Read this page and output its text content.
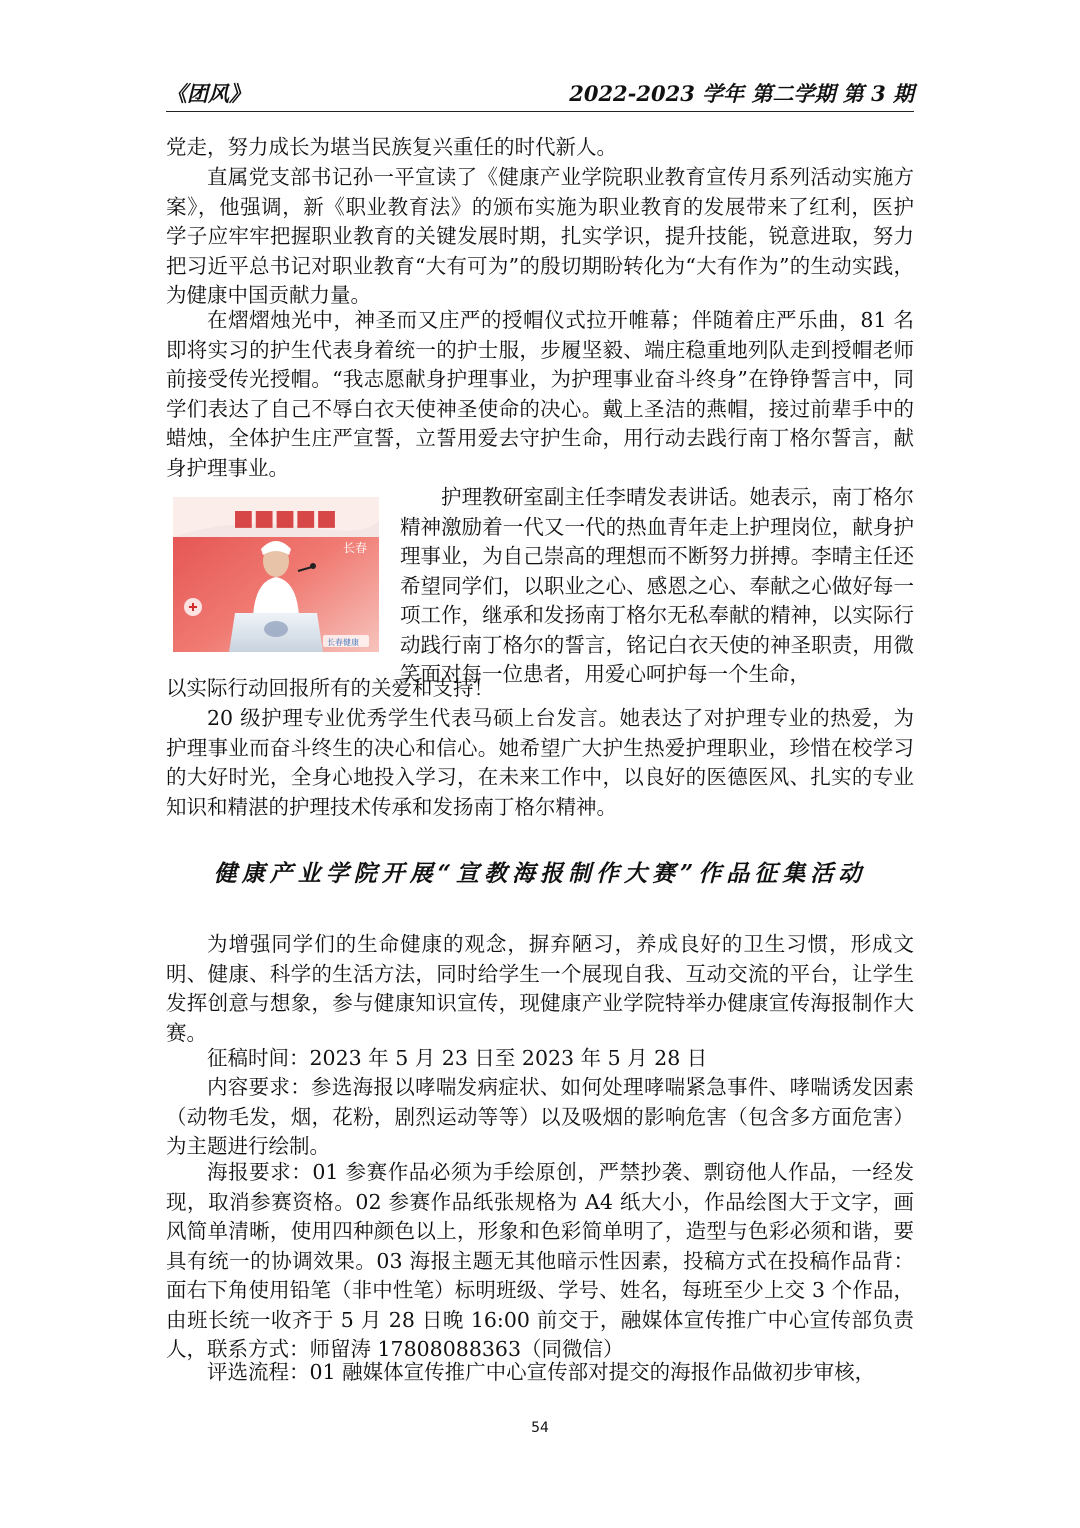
《团风》	2022-2023 学年 第二学期 第 3 期

党走，努力成长为堪当民族复兴重任的时代新人。

直属党支部书记孙一平宣读了《健康产业学院职业教育宣传月系列活动实施方案》，他强调，新《职业教育法》的颁布实施为职业教育的发展带来了红利，医护学子应牢牢把握职业教育的关键发展时期，扎实学识，提升技能，锐意进取，努力把习近平总书记对职业教育“大有可为”的殷切期盼转化为“大有作为”的生动实践，为健康中国贡献力量。

在熠熠烛光中，神圣而又庄严的授帽仪式拉开帷幕；伴随着庄严乐曲，81 名即将实习的护生代表身着统一的护士服，步履坚毅、端庄稳重地列队走到授帽老师前接受传光授帽。“我志愿献身护理事业，为护理事业奋斗终身”在铮铮誓言中，同学们表达了自己不辱白衣天使神圣使命的决心。戴上圣洁的燕帽，接过前辈手中的蜡烛，全体护生庄严宣誓，立誓用爱去守护生命，用行动去践行南丁格尔誓言，献身护理事业。

■■■■■
长春
长春健康

护理教研室副主任李晴发表讲话。她表示，南丁格尔精神激励着一代又一代的热血青年走上护理岗位，献身护理事业，为自己崇高的理想而不断努力拼搏。李晴主任还希望同学们，以职业之心、感恩之心、奉献之心做好每一项工作，继承和发扬南丁格尔无私奉献的精神，以实际行动践行南丁格尔的誓言，铭记白衣天使的神圣职责，用微笑面对每一位患者，用爱心呵护每一个生命，

以实际行动回报所有的关爱和支持！

20 级护理专业优秀学生代表马硕上台发言。她表达了对护理专业的热爱，为护理事业而奋斗终生的决心和信心。她希望广大护生热爱护理职业，珍惜在校学习的大好时光，全身心地投入学习，在未来工作中，以良好的医德医风、扎实的专业知识和精湛的护理技术传承和发扬南丁格尔精神。

健康产业学院开展“宣教海报制作大赛”作品征集活动

为增强同学们的生命健康的观念，摒弃陋习，养成良好的卫生习惯，形成文明、健康、科学的生活方法，同时给学生一个展现自我、互动交流的平台，让学生发挥创意与想象，参与健康知识宣传，现健康产业学院特举办健康宣传海报制作大赛。

征稿时间：2023 年 5 月 23 日至 2023 年 5 月 28 日

内容要求：参选海报以哮喘发病症状、如何处理哮喘紧急事件、哮喘诱发因素（动物毛发，烟，花粉，剧烈运动等等）以及吸烟的影响危害（包含多方面危害）为主题进行绘制。

海报要求：01 参赛作品必须为手绘原创，严禁抄袭、剽窃他人作品，一经发现，取消参赛资格。02 参赛作品纸张规格为 A4 纸大小，作品绘图大于文字，画风简单清晰，使用四种颜色以上，形象和色彩简单明了，造型与色彩必须和谐，要具有统一的协调效果。03 海报主题无其他暗示性因素，投稿方式在投稿作品背：面右下角使用铅笔（非中性笔）标明班级、学号、姓名，每班至少上交 3 个作品，由班长统一收齐于 5 月 28 日晚 16:00 前交于，融媒体宣传推广中心宣传部负责人，联系方式：师留涛 17808088363（同微信）

评选流程：01 融媒体宣传推广中心宣传部对提交的海报作品做初步审核，

54
